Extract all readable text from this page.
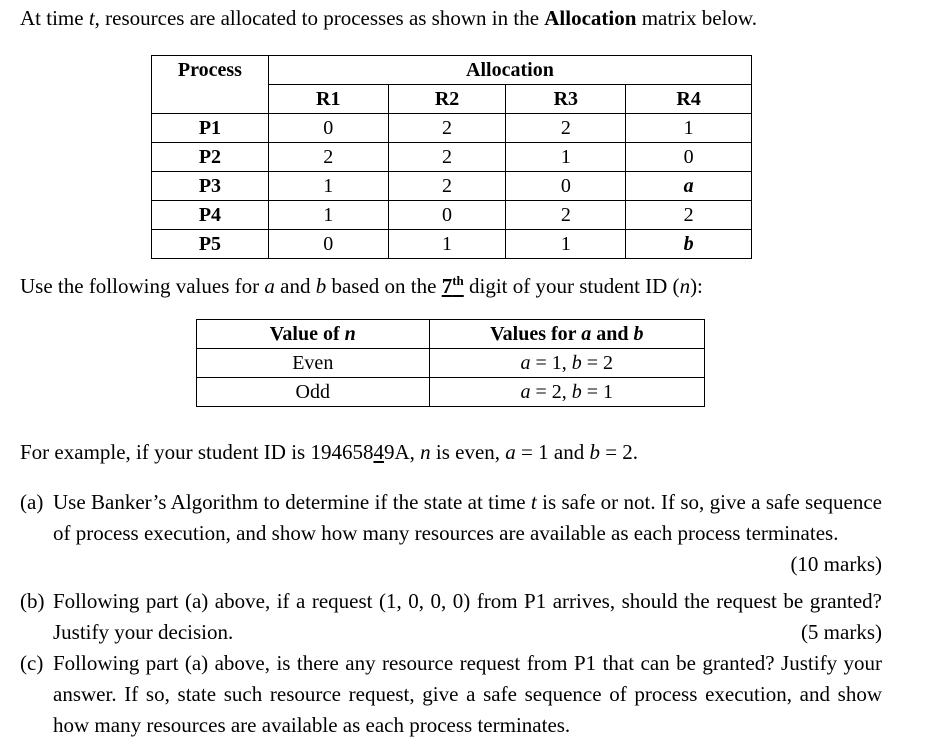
At time t, resources are allocated to processes as shown in the Allocation matrix below.
Process	Allocation			
	R1	R2	R3	R4
P1	0	2	2	1
P2	2	2	1	0
P3	1	2	0	a
P4	1	0	2	2
P5	0	1	1	b
Use the following values for a and b based on the 7th digit of your student ID (n):
Value of n	Values for a and b
Even	a = 1, b = 2
Odd	a = 2, b = 1
For example, if your student ID is 19465849A, n is even, a = 1 and b = 2.
(a) Use Banker’s Algorithm to determine if the state at time t is safe or not. If so, give a safe sequence of process execution, and show how many resources are available as each process terminates.
(10 marks)
(b) Following part (a) above, if a request (1, 0, 0, 0) from P1 arrives, should the request be granted? Justify your decision.	(5 marks)
(c) Following part (a) above, is there any resource request from P1 that can be granted? Justify your answer. If so, state such resource request, give a safe sequence of process execution, and show how many resources are available as each process terminates.
